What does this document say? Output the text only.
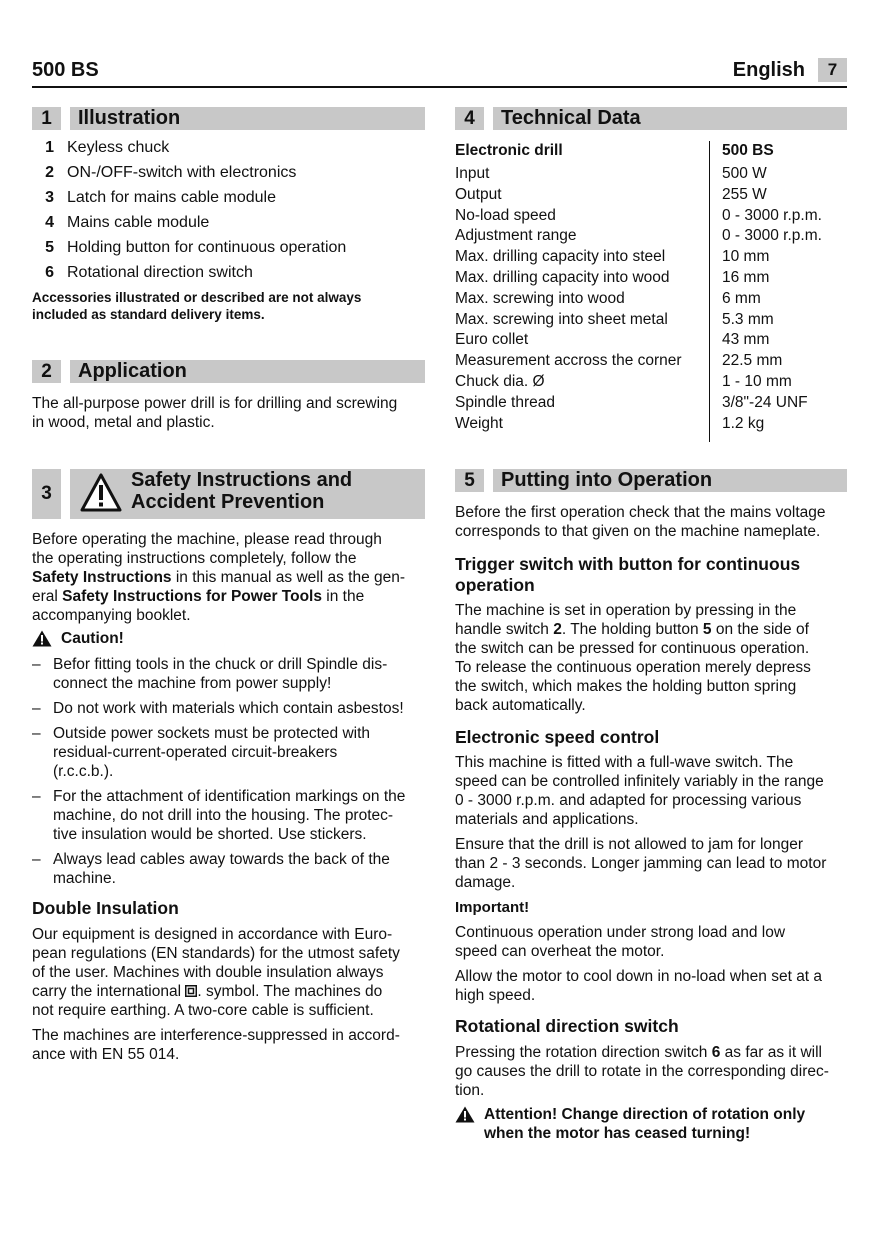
500 BS	English	7
1	Illustration
1 Keyless chuck
2 ON-/OFF-switch with electronics
3 Latch for mains cable module
4 Mains cable module
5 Holding button for continuous operation
6 Rotational direction switch
Accessories illustrated or described are not always
included as standard delivery items.
2	Application
The all-purpose power drill is for drilling and screwing
in wood, metal and plastic.
3
Safety Instructions and
Accident Prevention
Before operating the machine, please read through
the operating instructions completely, follow the
Safety Instructions in this manual as well as the gen-
eral Safety Instructions for Power Tools in the
accompanying booklet.
Caution!
– Befor fitting tools in the chuck or drill Spindle dis-
connect the machine from power supply!
– Do not work with materials which contain asbestos!
– Outside power sockets must be protected with
residual-current-operated circuit-breakers
(r.c.c.b.).
– For the attachment of identification markings on the
machine, do not drill into the housing. The protec-
tive insulation would be shorted. Use stickers.
– Always lead cables away towards the back of the
machine.
Double Insulation
Our equipment is designed in accordance with Euro-
pean regulations (EN standards) for the utmost safety
of the user. Machines with double insulation always
carry the international . symbol. The machines do
not require earthing. A two-core cable is sufficient.
The machines are interference-suppressed in accord-
ance with EN 55 014.
4	Technical Data
Electronic drill	500 BS
Input	500 W
Output	255 W
No-load speed	0 - 3000 r.p.m.
Adjustment range	0 - 3000 r.p.m.
Max. drilling capacity into steel	10 mm
Max. drilling capacity into wood	16 mm
Max. screwing into wood	6 mm
Max. screwing into sheet metal	5.3 mm
Euro collet	43 mm
Measurement accross the corner	22.5 mm
Chuck dia. Ø	1 - 10 mm
Spindle thread	3/8"-24 UNF
Weight	1.2 kg
5	Putting into Operation
Before the first operation check that the mains voltage
corresponds to that given on the machine nameplate.
Trigger switch with button for continuous
operation
The machine is set in operation by pressing in the
handle switch 2. The holding button 5 on the side of
the switch can be pressed for continuous operation.
To release the continuous operation merely depress
the switch, which makes the holding button spring
back automatically.
Electronic speed control
This machine is fitted with a full-wave switch. The
speed can be controlled infinitely variably in the range
0 - 3000 r.p.m. and adapted for processing various
materials and applications.
Ensure that the drill is not allowed to jam for longer
than 2 - 3 seconds. Longer jamming can lead to motor
damage.
Important!
Continuous operation under strong load and low
speed can overheat the motor.
Allow the motor to cool down in no-load when set at a
high speed.
Rotational direction switch
Pressing the rotation direction switch 6 as far as it will
go causes the drill to rotate in the corresponding direc-
tion.
Attention! Change direction of rotation only
when the motor has ceased turning!
